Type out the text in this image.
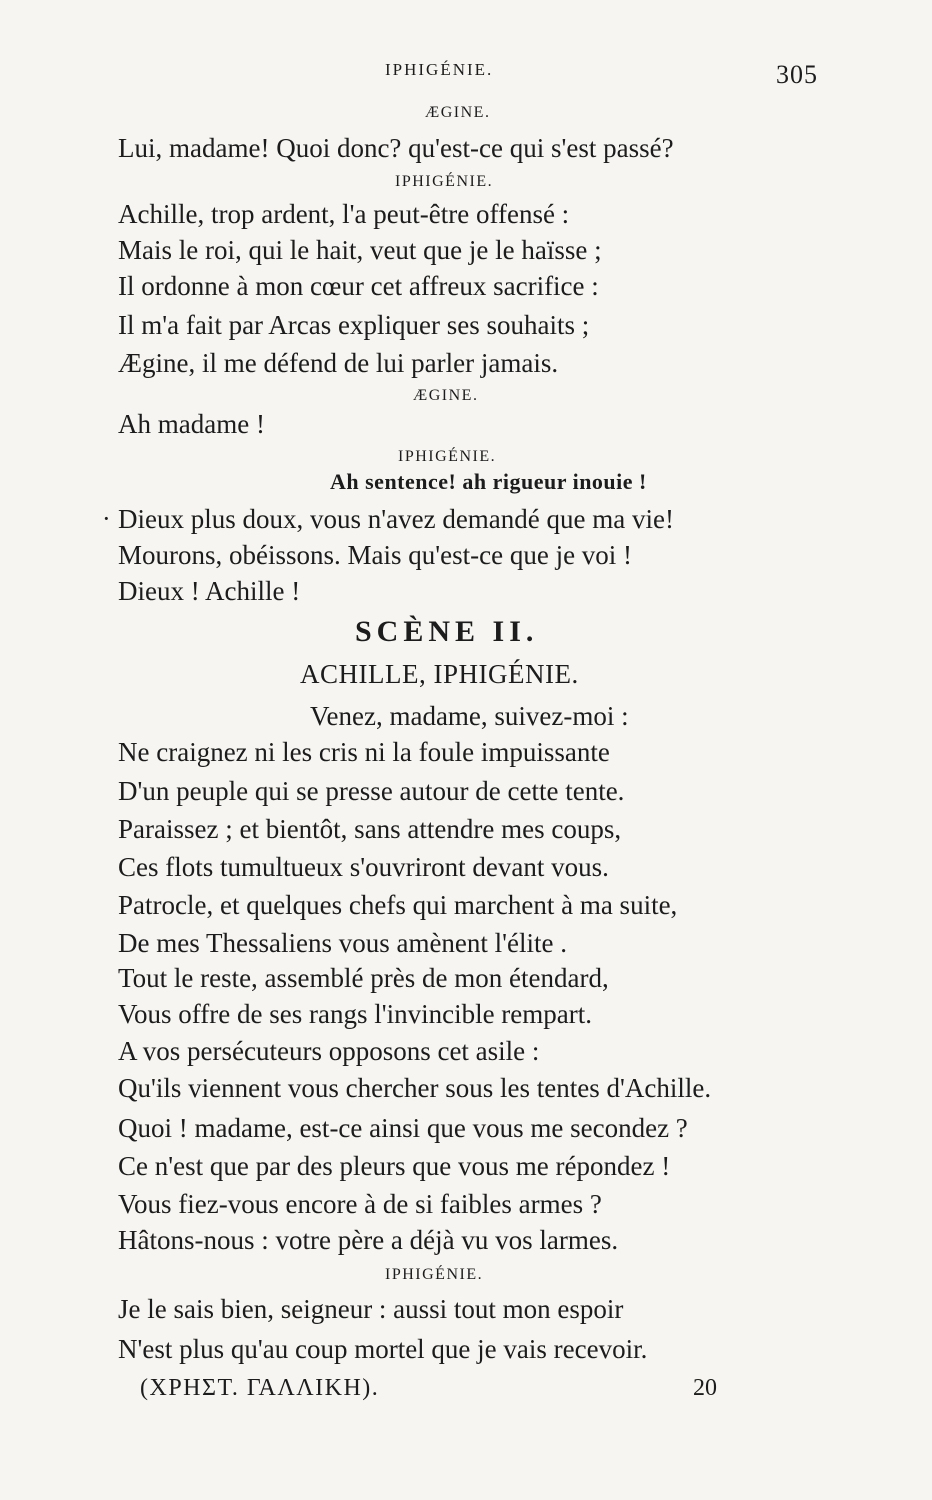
IPHIGÉNIE.	305
ÆGINE.
Lui, madame! Quoi donc? qu'est-ce qui s'est passé?
IPHIGÉNIE.
Achille, trop ardent, l'a peut-être offensé :
Mais le roi, qui le hait, veut que je le haïsse ;
Il ordonne à mon cœur cet affreux sacrifice :
Il m'a fait par Arcas expliquer ses souhaits ;
Ægine, il me défend de lui parler jamais.
ÆGINE.
Ah madame !
IPHIGÉNIE.
Ah sentence! ah rigueur inouie !
· Dieux plus doux, vous n'avez demandé que ma vie!
Mourons, obéissons. Mais qu'est-ce que je voi !
Dieux ! Achille !
SCÈNE II.
ACHILLE, IPHIGÉNIE.
Venez, madame, suivez-moi :
Ne craignez ni les cris ni la foule impuissante
D'un peuple qui se presse autour de cette tente.
Paraissez ; et bientôt, sans attendre mes coups,
Ces flots tumultueux s'ouvriront devant vous.
Patrocle, et quelques chefs qui marchent à ma suite,
De mes Thessaliens vous amènent l'élite .
Tout le reste, assemblé près de mon étendard,
Vous offre de ses rangs l'invincible rempart.
A vos persécuteurs opposons cet asile :
Qu'ils viennent vous chercher sous les tentes d'Achille.
Quoi ! madame, est-ce ainsi que vous me secondez ?
Ce n'est que par des pleurs que vous me répondez !
Vous fiez-vous encore à de si faibles armes ?
Hâtons-nous : votre père a déjà vu vos larmes.
IPHIGÉNIE.
Je le sais bien, seigneur : aussi tout mon espoir
N'est plus qu'au coup mortel que je vais recevoir.
(ΧΡΗΣΤ. ΓΑΛΛΙΚΗ).	20
